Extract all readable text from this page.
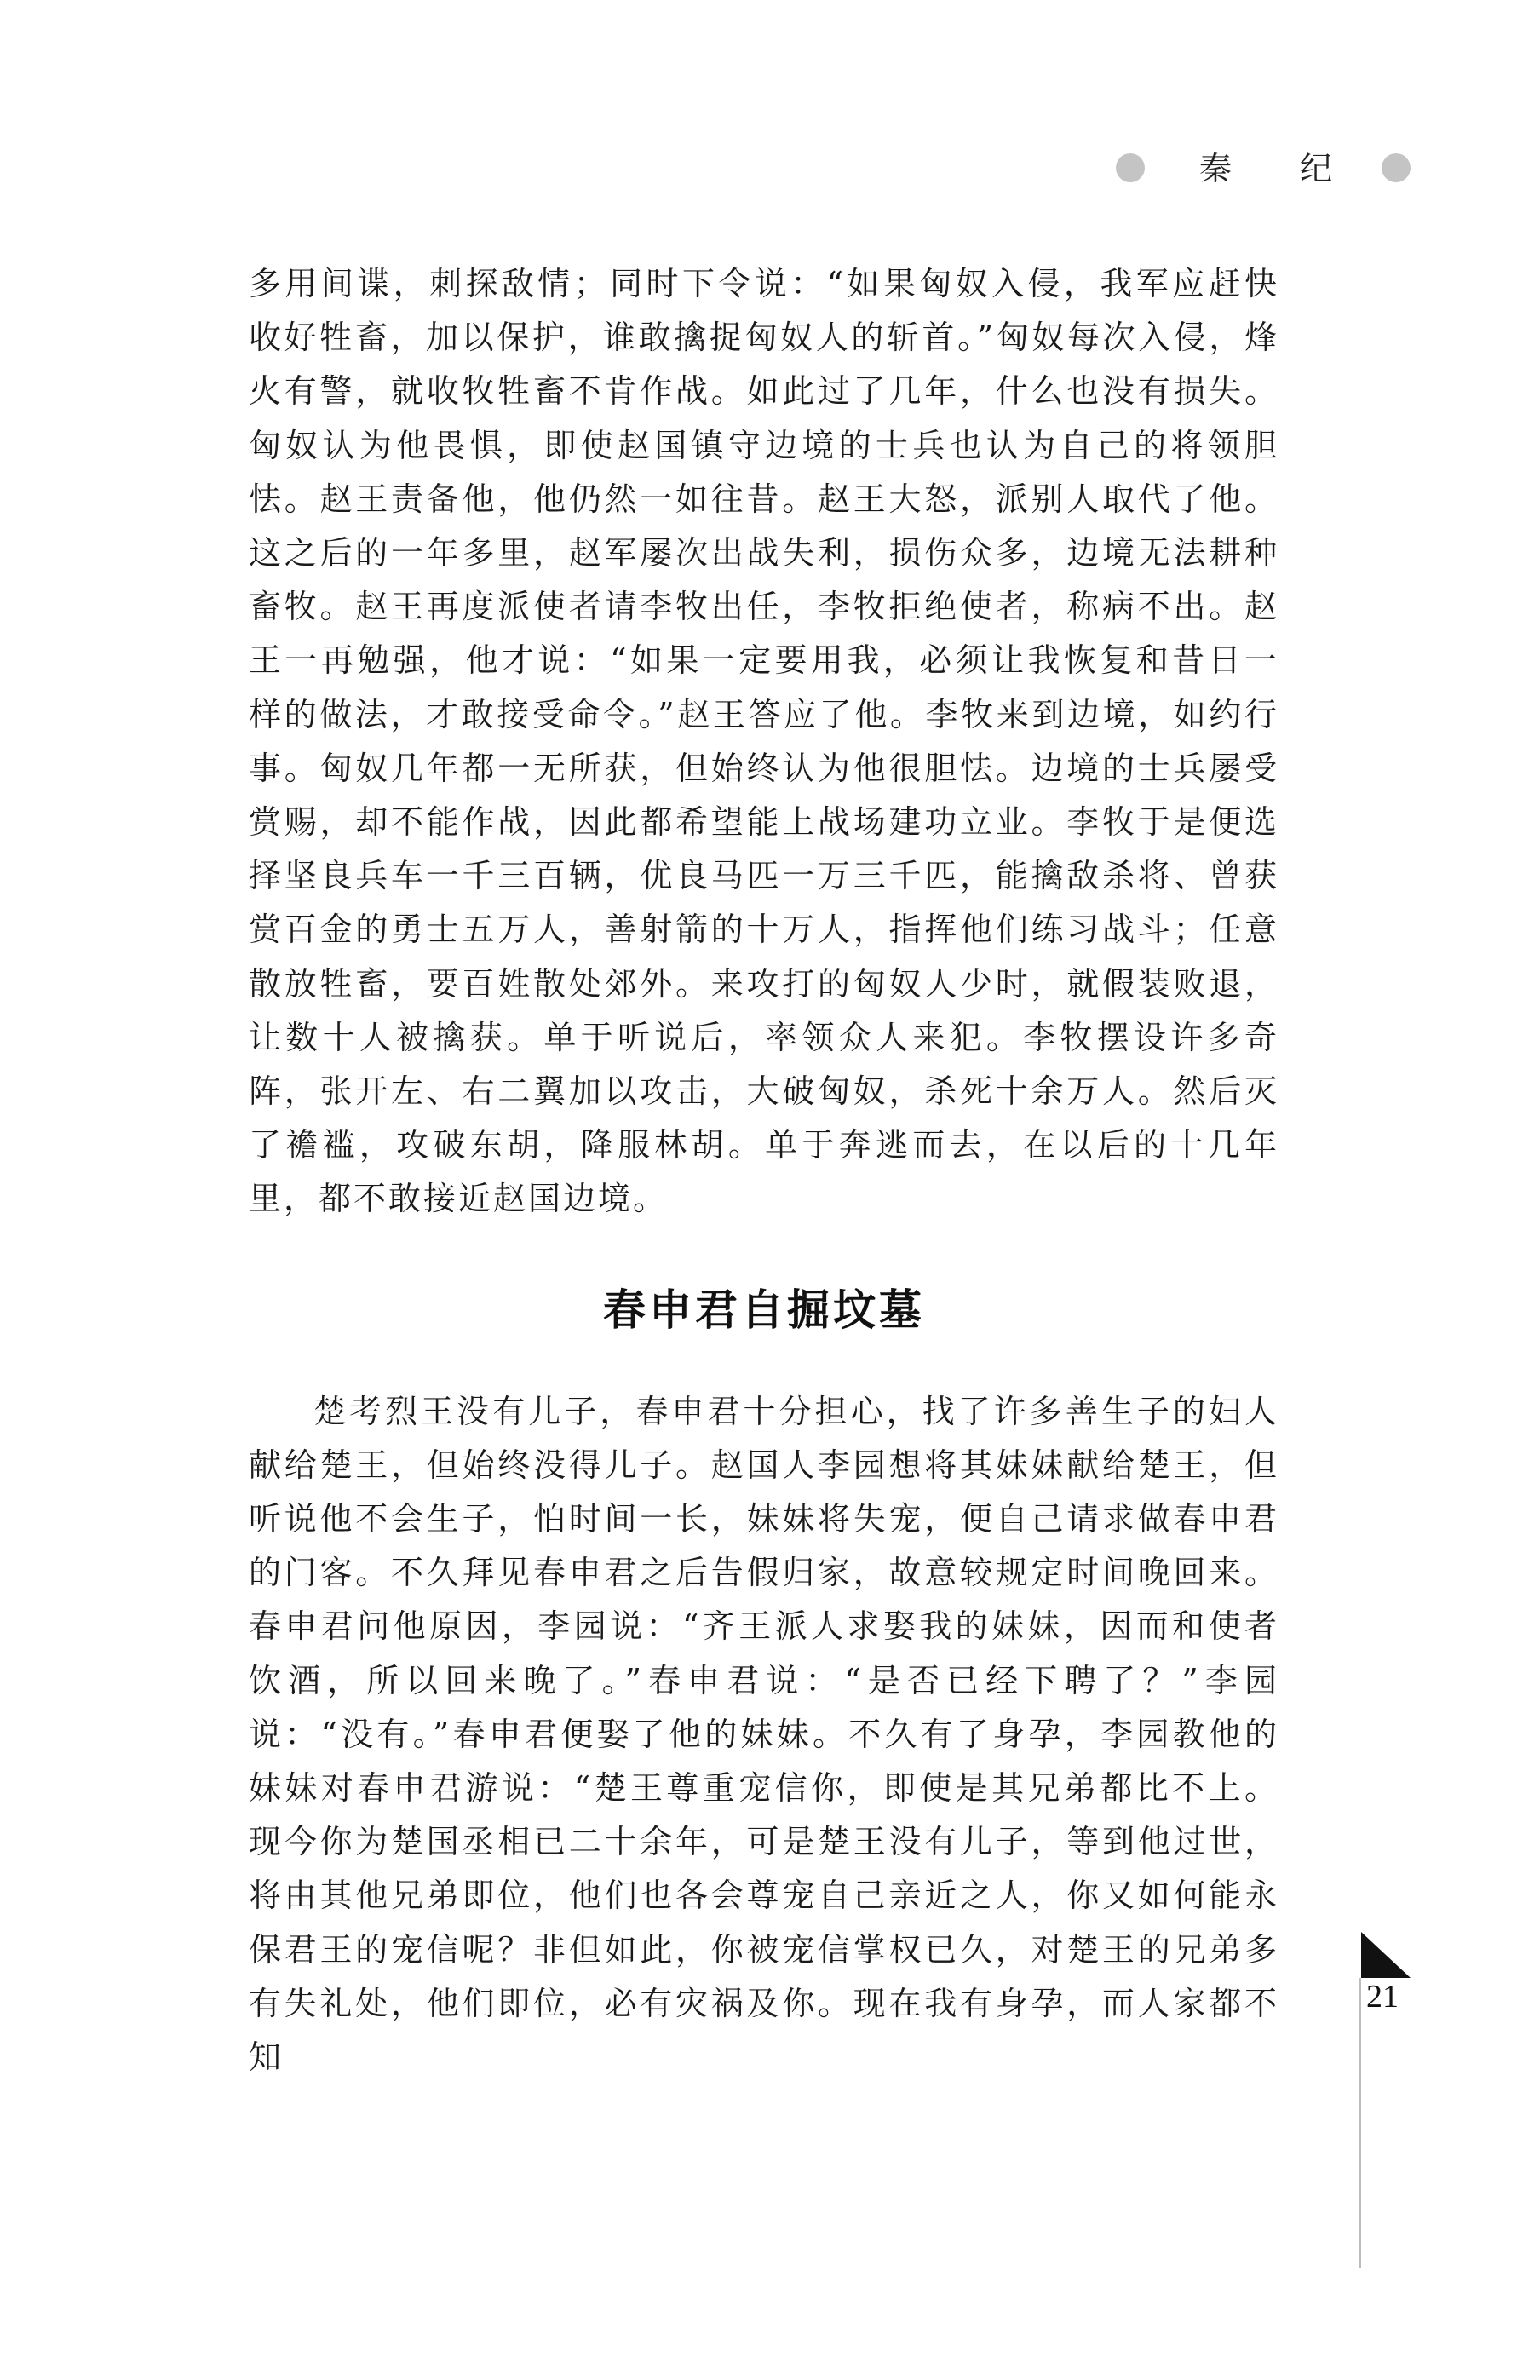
秦 纪

多用间谍，刺探敌情；同时下令说：“如果匈奴入侵，我军应赶快收好牲畜，加以保护，谁敢擒捉匈奴人的斩首。”匈奴每次入侵，烽火有警，就收牧牲畜不肯作战。如此过了几年，什么也没有损失。匈奴认为他畏惧，即使赵国镇守边境的士兵也认为自己的将领胆怯。赵王责备他，他仍然一如往昔。赵王大怒，派别人取代了他。这之后的一年多里，赵军屡次出战失利，损伤众多，边境无法耕种畜牧。赵王再度派使者请李牧出任，李牧拒绝使者，称病不出。赵王一再勉强，他才说：“如果一定要用我，必须让我恢复和昔日一样的做法，才敢接受命令。”赵王答应了他。李牧来到边境，如约行事。匈奴几年都一无所获，但始终认为他很胆怯。边境的士兵屡受赏赐，却不能作战，因此都希望能上战场建功立业。李牧于是便选择坚良兵车一千三百辆，优良马匹一万三千匹，能擒敌杀将、曾获赏百金的勇士五万人，善射箭的十万人，指挥他们练习战斗；任意散放牲畜，要百姓散处郊外。来攻打的匈奴人少时，就假装败退，让数十人被擒获。单于听说后，率领众人来犯。李牧摆设许多奇阵，张开左、右二翼加以攻击，大破匈奴，杀死十余万人。然后灭了襜褴，攻破东胡，降服林胡。单于奔逃而去，在以后的十几年里，都不敢接近赵国边境。

春申君自掘坟墓

楚考烈王没有儿子，春申君十分担心，找了许多善生子的妇人献给楚王，但始终没得儿子。赵国人李园想将其妹妹献给楚王，但听说他不会生子，怕时间一长，妹妹将失宠，便自己请求做春申君的门客。不久拜见春申君之后告假归家，故意较规定时间晚回来。春申君问他原因，李园说：“齐王派人求娶我的妹妹，因而和使者饮酒，所以回来晚了。”春申君说：“是否已经下聘了？”李园说：“没有。”春申君便娶了他的妹妹。不久有了身孕，李园教他的妹妹对春申君游说：“楚王尊重宠信你，即使是其兄弟都比不上。现今你为楚国丞相已二十余年，可是楚王没有儿子，等到他过世，将由其他兄弟即位，他们也各会尊宠自己亲近之人，你又如何能永保君王的宠信呢？非但如此，你被宠信掌权已久，对楚王的兄弟多有失礼处，他们即位，必有灾祸及你。现在我有身孕，而人家都不知

21
